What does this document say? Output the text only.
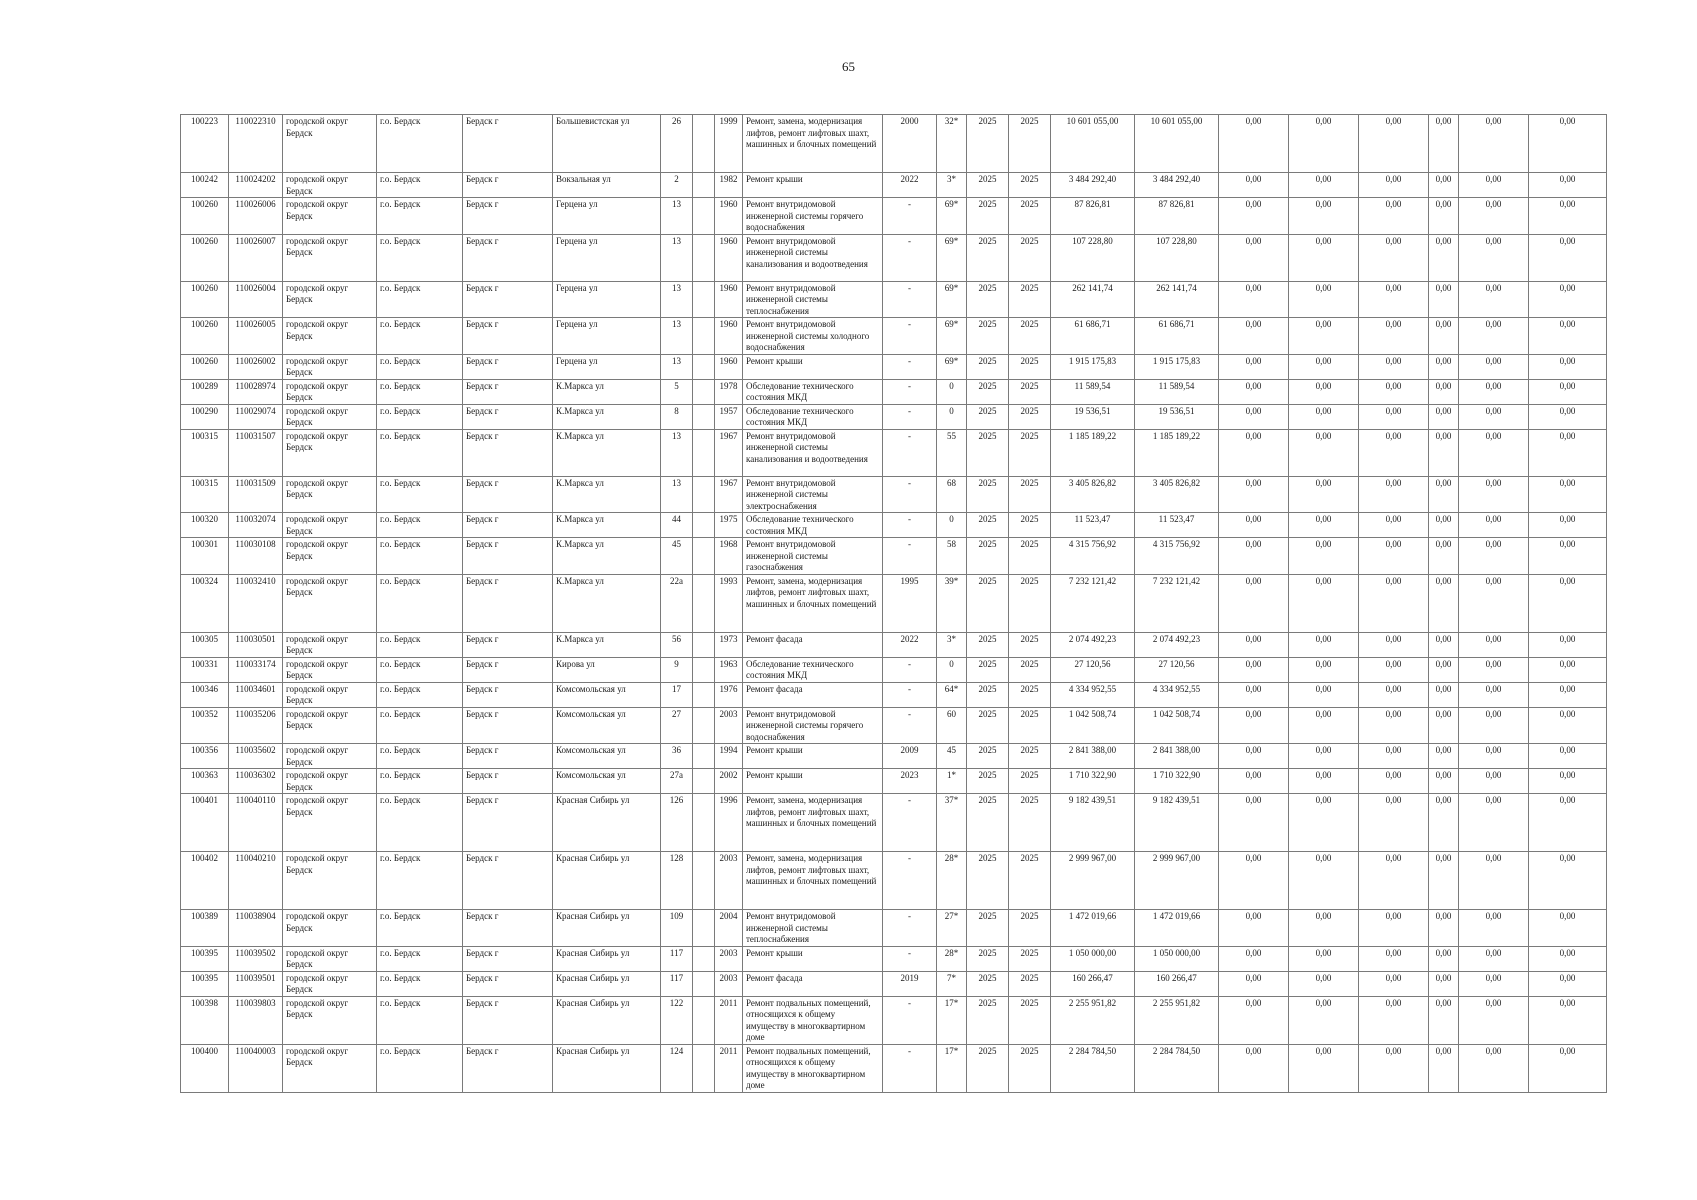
65
100223	110022310	городской округ Бердск	г.о. Бердск	Бердск г	Большевистская ул	26		1999	Ремонт, замена, модернизация лифтов, ремонт лифтовых шахт, машинных и блочных помещений	2000	32*	2025	2025	10 601 055,00	10 601 055,00	0,00	0,00	0,00	0,00	0,00	0,00
100242	110024202	городской округ Бердск	г.о. Бердск	Бердск г	Вокзальная ул	2		1982	Ремонт крыши	2022	3*	2025	2025	3 484 292,40	3 484 292,40	0,00	0,00	0,00	0,00	0,00	0,00
100260	110026006	городской округ Бердск	г.о. Бердск	Бердск г	Герцена ул	13		1960	Ремонт внутридомовой инженерной системы горячего водоснабжения	-	69*	2025	2025	87 826,81	87 826,81	0,00	0,00	0,00	0,00	0,00	0,00
100260	110026007	городской округ Бердск	г.о. Бердск	Бердск г	Герцена ул	13		1960	Ремонт внутридомовой инженерной системы канализования и водоотведения	-	69*	2025	2025	107 228,80	107 228,80	0,00	0,00	0,00	0,00	0,00	0,00
100260	110026004	городской округ Бердск	г.о. Бердск	Бердск г	Герцена ул	13		1960	Ремонт внутридомовой инженерной системы теплоснабжения	-	69*	2025	2025	262 141,74	262 141,74	0,00	0,00	0,00	0,00	0,00	0,00
100260	110026005	городской округ Бердск	г.о. Бердск	Бердск г	Герцена ул	13		1960	Ремонт внутридомовой инженерной системы холодного водоснабжения	-	69*	2025	2025	61 686,71	61 686,71	0,00	0,00	0,00	0,00	0,00	0,00
100260	110026002	городской округ Бердск	г.о. Бердск	Бердск г	Герцена ул	13		1960	Ремонт крыши	-	69*	2025	2025	1 915 175,83	1 915 175,83	0,00	0,00	0,00	0,00	0,00	0,00
100289	110028974	городской округ Бердск	г.о. Бердск	Бердск г	К.Маркса ул	5		1978	Обследование технического состояния МКД	-	0	2025	2025	11 589,54	11 589,54	0,00	0,00	0,00	0,00	0,00	0,00
100290	110029074	городской округ Бердск	г.о. Бердск	Бердск г	К.Маркса ул	8		1957	Обследование технического состояния МКД	-	0	2025	2025	19 536,51	19 536,51	0,00	0,00	0,00	0,00	0,00	0,00
100315	110031507	городской округ Бердск	г.о. Бердск	Бердск г	К.Маркса ул	13		1967	Ремонт внутридомовой инженерной системы канализования и водоотведения	-	55	2025	2025	1 185 189,22	1 185 189,22	0,00	0,00	0,00	0,00	0,00	0,00
100315	110031509	городской округ Бердск	г.о. Бердск	Бердск г	К.Маркса ул	13		1967	Ремонт внутридомовой инженерной системы электроснабжения	-	68	2025	2025	3 405 826,82	3 405 826,82	0,00	0,00	0,00	0,00	0,00	0,00
100320	110032074	городской округ Бердск	г.о. Бердск	Бердск г	К.Маркса ул	44		1975	Обследование технического состояния МКД	-	0	2025	2025	11 523,47	11 523,47	0,00	0,00	0,00	0,00	0,00	0,00
100301	110030108	городской округ Бердск	г.о. Бердск	Бердск г	К.Маркса ул	45		1968	Ремонт внутридомовой инженерной системы газоснабжения	-	58	2025	2025	4 315 756,92	4 315 756,92	0,00	0,00	0,00	0,00	0,00	0,00
100324	110032410	городской округ Бердск	г.о. Бердск	Бердск г	К.Маркса ул	22а		1993	Ремонт, замена, модернизация лифтов, ремонт лифтовых шахт, машинных и блочных помещений	1995	39*	2025	2025	7 232 121,42	7 232 121,42	0,00	0,00	0,00	0,00	0,00	0,00
100305	110030501	городской округ Бердск	г.о. Бердск	Бердск г	К.Маркса ул	56		1973	Ремонт фасада	2022	3*	2025	2025	2 074 492,23	2 074 492,23	0,00	0,00	0,00	0,00	0,00	0,00
100331	110033174	городской округ Бердск	г.о. Бердск	Бердск г	Кирова ул	9		1963	Обследование технического состояния МКД	-	0	2025	2025	27 120,56	27 120,56	0,00	0,00	0,00	0,00	0,00	0,00
100346	110034601	городской округ Бердск	г.о. Бердск	Бердск г	Комсомольская ул	17		1976	Ремонт фасада	-	64*	2025	2025	4 334 952,55	4 334 952,55	0,00	0,00	0,00	0,00	0,00	0,00
100352	110035206	городской округ Бердск	г.о. Бердск	Бердск г	Комсомольская ул	27		2003	Ремонт внутридомовой инженерной системы горячего водоснабжения	-	60	2025	2025	1 042 508,74	1 042 508,74	0,00	0,00	0,00	0,00	0,00	0,00
100356	110035602	городской округ Бердск	г.о. Бердск	Бердск г	Комсомольская ул	36		1994	Ремонт крыши	2009	45	2025	2025	2 841 388,00	2 841 388,00	0,00	0,00	0,00	0,00	0,00	0,00
100363	110036302	городской округ Бердск	г.о. Бердск	Бердск г	Комсомольская ул	27а		2002	Ремонт крыши	2023	1*	2025	2025	1 710 322,90	1 710 322,90	0,00	0,00	0,00	0,00	0,00	0,00
100401	110040110	городской округ Бердск	г.о. Бердск	Бердск г	Красная Сибирь ул	126		1996	Ремонт, замена, модернизация лифтов, ремонт лифтовых шахт, машинных и блочных помещений	-	37*	2025	2025	9 182 439,51	9 182 439,51	0,00	0,00	0,00	0,00	0,00	0,00
100402	110040210	городской округ Бердск	г.о. Бердск	Бердск г	Красная Сибирь ул	128		2003	Ремонт, замена, модернизация лифтов, ремонт лифтовых шахт, машинных и блочных помещений	-	28*	2025	2025	2 999 967,00	2 999 967,00	0,00	0,00	0,00	0,00	0,00	0,00
100389	110038904	городской округ Бердск	г.о. Бердск	Бердск г	Красная Сибирь ул	109		2004	Ремонт внутридомовой инженерной системы теплоснабжения	-	27*	2025	2025	1 472 019,66	1 472 019,66	0,00	0,00	0,00	0,00	0,00	0,00
100395	110039502	городской округ Бердск	г.о. Бердск	Бердск г	Красная Сибирь ул	117		2003	Ремонт крыши	-	28*	2025	2025	1 050 000,00	1 050 000,00	0,00	0,00	0,00	0,00	0,00	0,00
100395	110039501	городской округ Бердск	г.о. Бердск	Бердск г	Красная Сибирь ул	117		2003	Ремонт фасада	2019	7*	2025	2025	160 266,47	160 266,47	0,00	0,00	0,00	0,00	0,00	0,00
100398	110039803	городской округ Бердск	г.о. Бердск	Бердск г	Красная Сибирь ул	122		2011	Ремонт подвальных помещений, относящихся к общему имуществу в многоквартирном доме	-	17*	2025	2025	2 255 951,82	2 255 951,82	0,00	0,00	0,00	0,00	0,00	0,00
100400	110040003	городской округ Бердск	г.о. Бердск	Бердск г	Красная Сибирь ул	124		2011	Ремонт подвальных помещений, относящихся к общему имуществу в многоквартирном доме	-	17*	2025	2025	2 284 784,50	2 284 784,50	0,00	0,00	0,00	0,00	0,00	0,00
